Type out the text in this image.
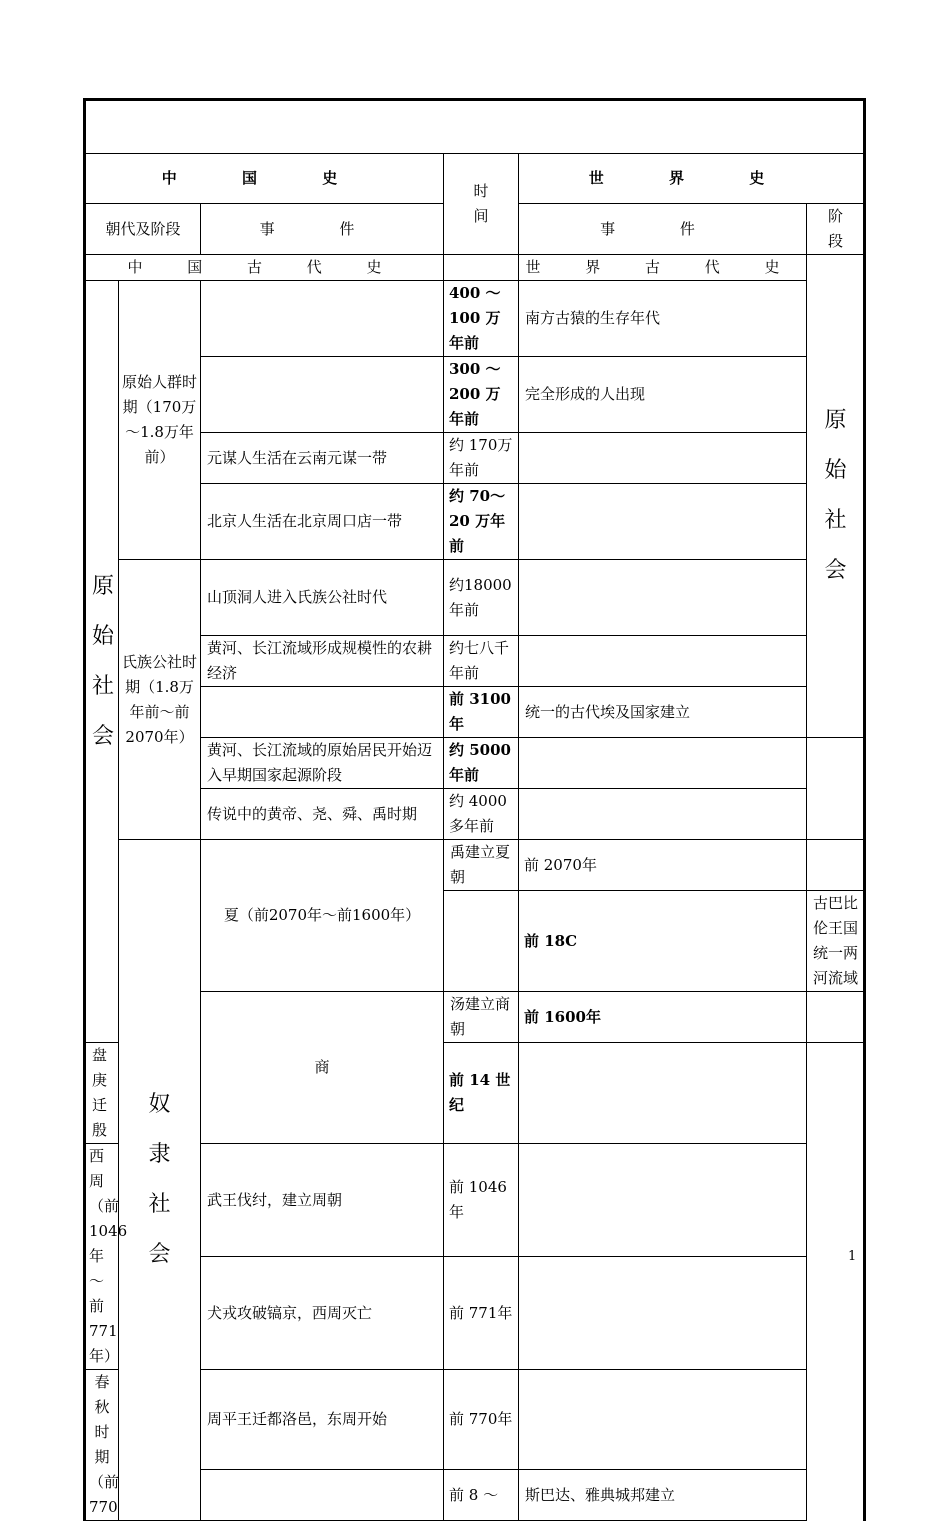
中 国 史			时间	世 界 史		
朝代及阶段		事 件		事 件	阶段	

中 国 古 代 史				世 界 古 代 史	原始社会	

原始社会	原始人群时期（170万～1.8万年前）		400 ～100 万年前	南方古猿的生存年代		
			300 ～200 万年前	完全形成的人出现		
		元谋人生活在云南元谋一带	约 170万年前			
		北京人生活在北京周口店一带	约 70～20 万年前			
	氏族公社时期（1.8万年前～前2070年）	山顶洞人进入氏族公社时代	约18000年前			
		黄河、长江流域形成规模性的农耕经济	约七八千年前			
			前 3100年	统一的古代埃及国家建立	

		黄河、长江流域的原始居民开始迈入早期国家起源阶段	约 5000年前			
		传说中的黄帝、尧、舜、禹时期	约 4000多年前			

	奴隶社会	夏（前2070年～前1600年）	禹建立夏朝	前 2070年		
				前 18C	古巴比伦王国统一两河流域	
		商	汤建立商朝	前 1600年		
盘庚迁殷			前 14 世纪			
西周（前1046年～前771年）		武王伐纣，建立周朝	前 1046年			
		犬戎攻破镐京，西周灭亡	前 771年			
春秋时期（前770		周平王迁都洛邑，东周开始	前 770年			
			前 8 ～	斯巴达、雅典城邦建立		
1
